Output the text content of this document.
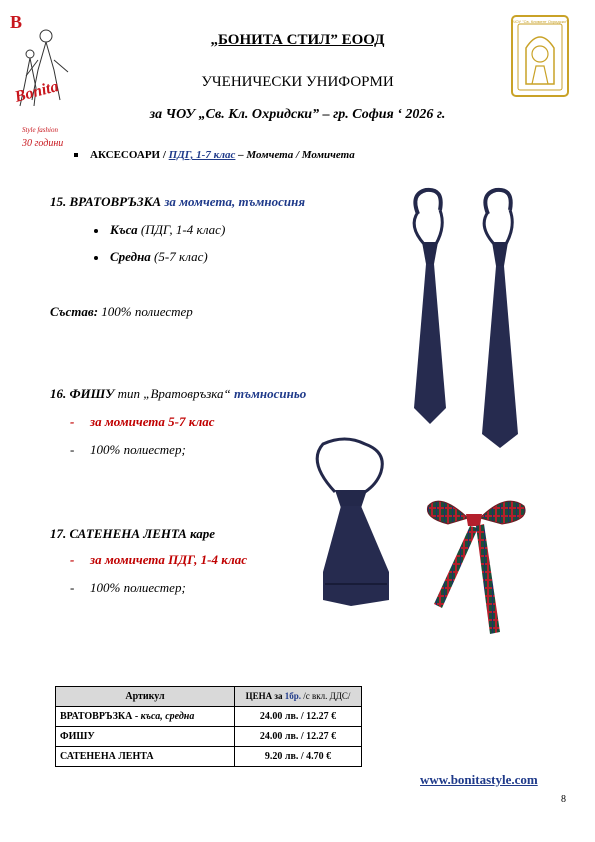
B
Bonita
Style fashion
30 години
ЧОУ "Св. Климент Охридски"
„БОНИТА СТИЛ” ЕООД
УЧЕНИЧЕСКИ УНИФОРМИ
за ЧОУ „Св. Кл. Охридски” – гр. София ‘ 2026 г.
АКСЕСОАРИ / ПДГ, 1-7 клас – Момчета / Момичета
15. ВРАТОВРЪЗКА за момчета, тъмносиня
Къса (ПДГ, 1-4 клас)
Средна (5-7 клас)
Състав: 100% полиестер
16. ФИШУ тип „Вратовръзка“ тъмносиньо
- за момичета 5-7 клас
- 100% полиестер;
17. САТЕНЕНА ЛЕНТА каре
- за момичета ПДГ, 1-4 клас
- 100% полиестер;
Артикул	ЦЕНА за 1бр. /с вкл. ДДС/
ВРАТОВРЪЗКА - къса, средна	24.00 лв. / 12.27 €
ФИШУ	24.00 лв. / 12.27 €
САТЕНЕНА ЛЕНТА	9.20 лв. / 4.70 €
www.bonitastyle.com
8
